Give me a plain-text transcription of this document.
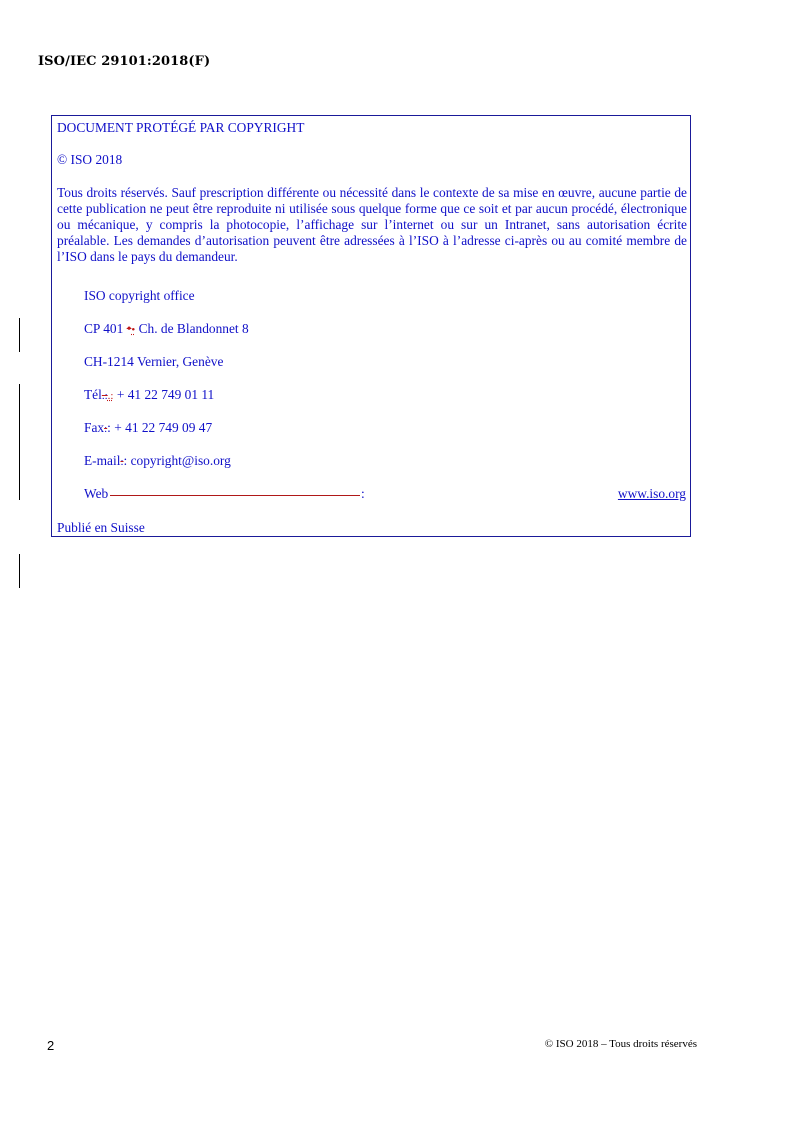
ISO/IEC 29101:2018(F)
DOCUMENT PROTÉGÉ PAR COPYRIGHT
© ISO 2018
Tous droits réservés. Sauf prescription différente ou nécessité dans le contexte de sa mise en œuvre, aucune partie de cette publication ne peut être reproduite ni utilisée sous quelque forme que ce soit et par aucun procédé, électronique ou mécanique, y compris la photocopie, l’affichage sur l’internet ou sur un Intranet, sans autorisation écrite préalable. Les demandes d’autorisation peuvent être adressées à l’ISO à l’adresse ci-après ou au comité membre de l’ISO dans le pays du demandeur.
ISO copyright office
CP 401 •• Ch. de Blandonnet 8
CH-1214 Vernier, Genève
Tél.:.: + 41 22 749 01 11
Fax:: + 41 22 749 09 47
E-mail:: copyright@iso.org
Web	:	www.iso.org
Publié en Suisse
2	© ISO 2018 – Tous droits réservés
